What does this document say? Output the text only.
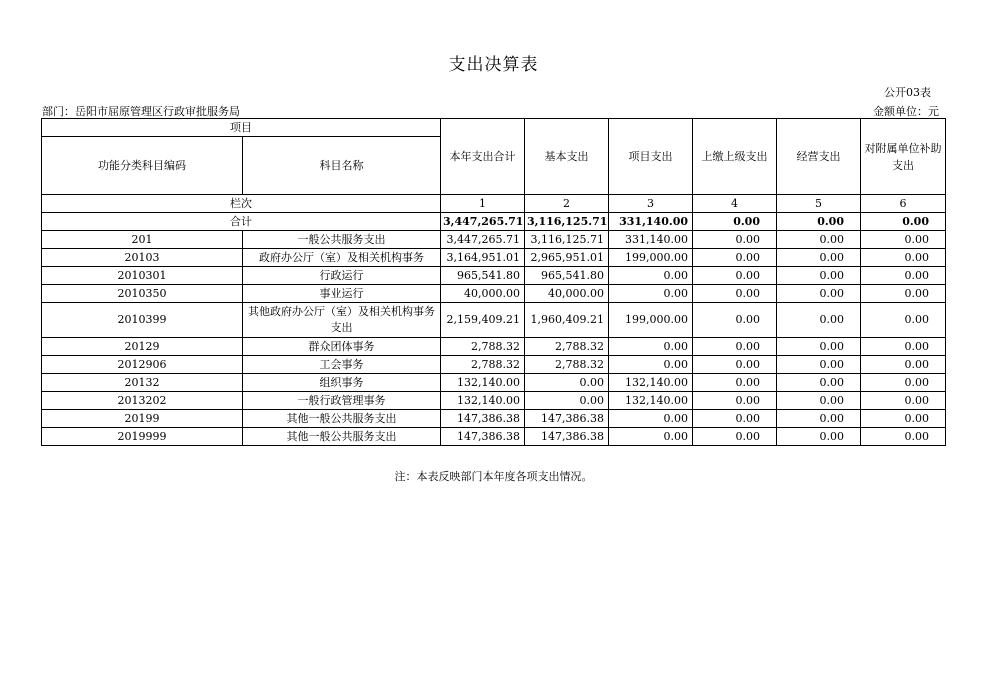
支出决算表
公开03表
部门：岳阳市屈原管理区行政审批服务局	金额单位：元
项目		本年支出合计	基本支出	项目支出	上缴上级支出	经营支出	对附属单位补助支出
功能分类科目编码	科目名称						
栏次		1	2	3	4	5	6
合计		3,447,265.71	3,116,125.71	331,140.00	0.00	0.00	0.00
201	一般公共服务支出	3,447,265.71	3,116,125.71	331,140.00	0.00	0.00	0.00
20103	政府办公厅（室）及相关机构事务	3,164,951.01	2,965,951.01	199,000.00	0.00	0.00	0.00
2010301	行政运行	965,541.80	965,541.80	0.00	0.00	0.00	0.00
2010350	事业运行	40,000.00	40,000.00	0.00	0.00	0.00	0.00
2010399	其他政府办公厅（室）及相关机构事务支出	2,159,409.21	1,960,409.21	199,000.00	0.00	0.00	0.00
20129	群众团体事务	2,788.32	2,788.32	0.00	0.00	0.00	0.00
2012906	工会事务	2,788.32	2,788.32	0.00	0.00	0.00	0.00
20132	组织事务	132,140.00	0.00	132,140.00	0.00	0.00	0.00
2013202	一般行政管理事务	132,140.00	0.00	132,140.00	0.00	0.00	0.00
20199	其他一般公共服务支出	147,386.38	147,386.38	0.00	0.00	0.00	0.00
2019999	其他一般公共服务支出	147,386.38	147,386.38	0.00	0.00	0.00	0.00
注：本表反映部门本年度各项支出情况。
